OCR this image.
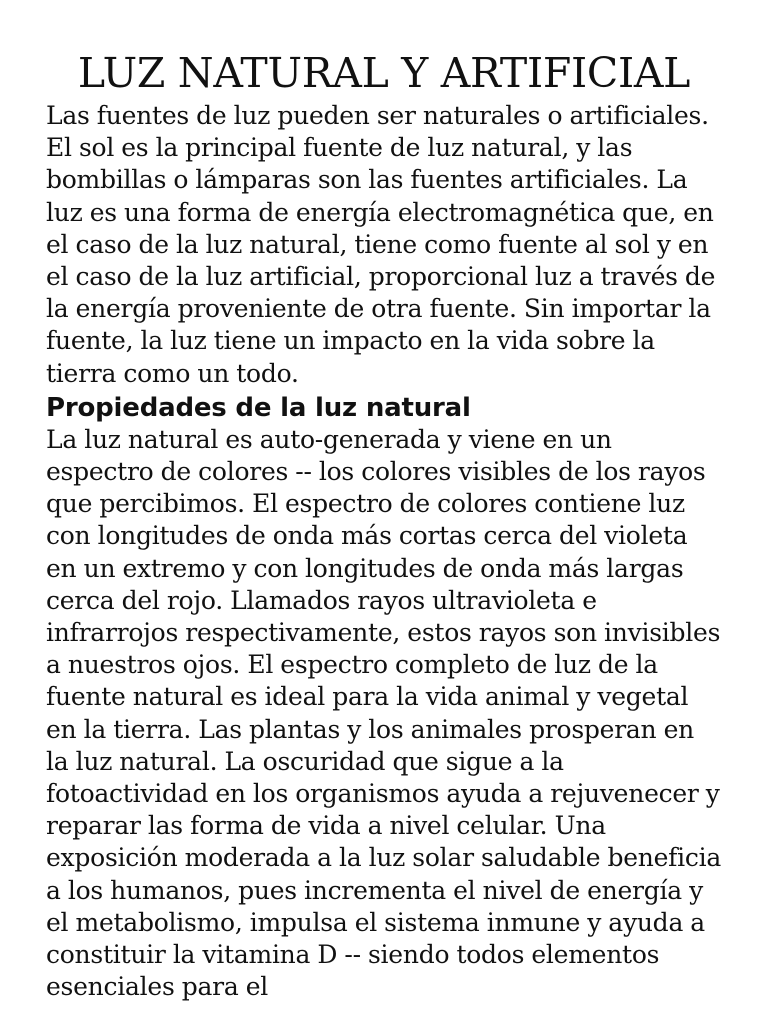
LUZ NATURAL Y ARTIFICIAL

Las fuentes de luz pueden ser naturales o artificiales. El sol es la principal fuente de luz natural, y las bombillas o lámparas son las fuentes artificiales. La luz es una forma de energía electromagnética que, en el caso de la luz natural, tiene como fuente al sol y en el caso de la luz artificial, proporcional luz a través de la energía proveniente de otra fuente. Sin importar la fuente, la luz tiene un impacto en la vida sobre la tierra como un todo.

Propiedades de la luz natural

La luz natural es auto-generada y viene en un espectro de colores -- los colores visibles de los rayos que percibimos. El espectro de colores contiene luz con longitudes de onda más cortas cerca del violeta en un extremo y con longitudes de onda más largas cerca del rojo. Llamados rayos ultravioleta e infrarrojos respectivamente, estos rayos son invisibles a nuestros ojos. El espectro completo de luz de la fuente natural es ideal para la vida animal y vegetal en la tierra. Las plantas y los animales prosperan en la luz natural. La oscuridad que sigue a la fotoactividad en los organismos ayuda a rejuvenecer y reparar las forma de vida a nivel celular. Una exposición moderada a la luz solar saludable beneficia a los humanos, pues incrementa el nivel de energía y el metabolismo, impulsa el sistema inmune y ayuda a constituir la vitamina D -- siendo todos elementos esenciales para el
